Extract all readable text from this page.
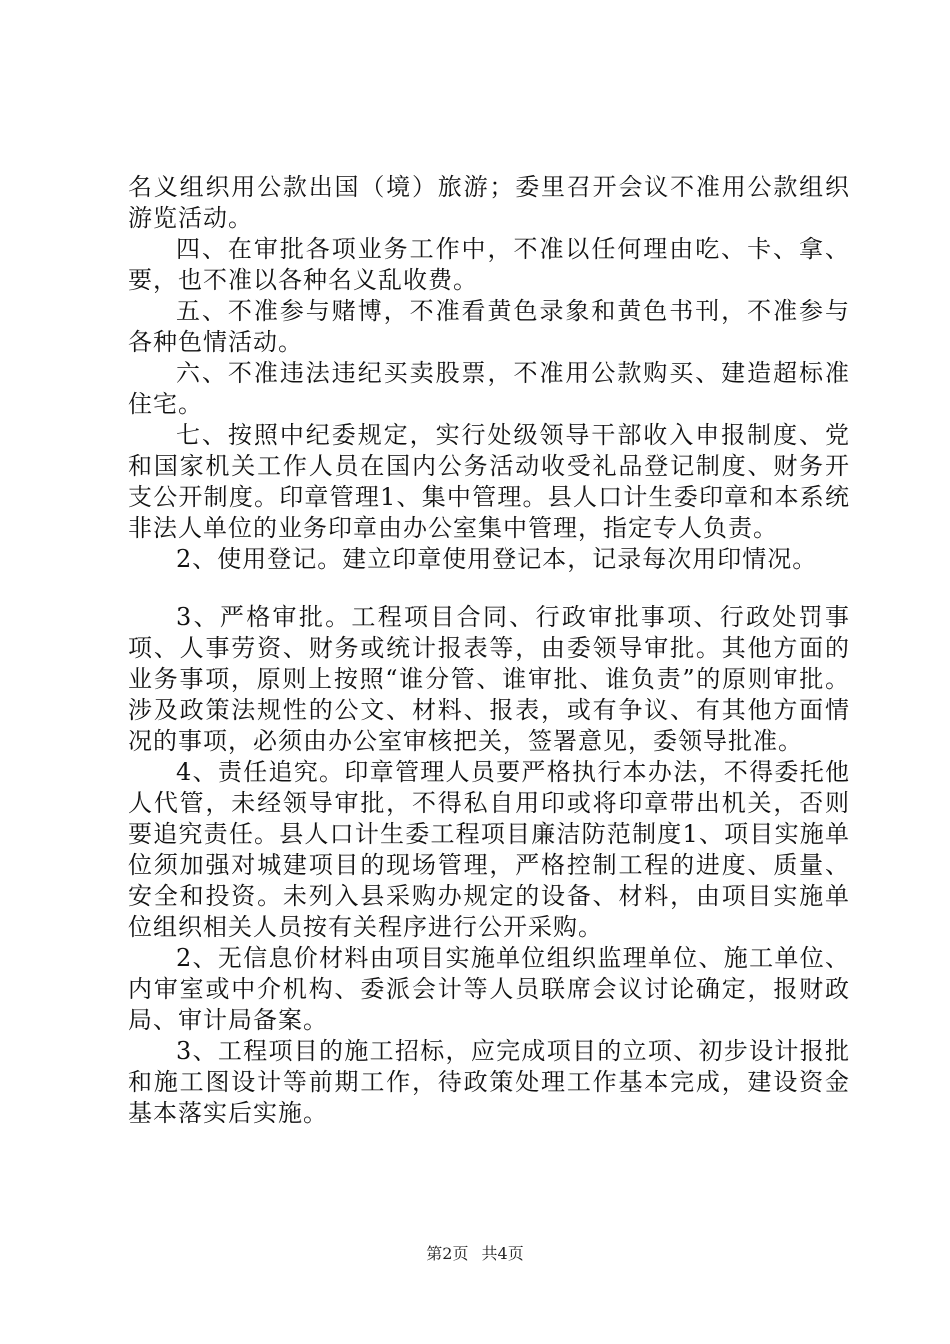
名义组织用公款出国（境）旅游；委里召开会议不准用公款组织游览活动。

四、在审批各项业务工作中，不准以任何理由吃、卡、拿、要，也不准以各种名义乱收费。

五、不准参与赌博，不准看黄色录象和黄色书刊，不准参与各种色情活动。

六、不准违法违纪买卖股票，不准用公款购买、建造超标准住宅。

七、按照中纪委规定，实行处级领导干部收入申报制度、党和国家机关工作人员在国内公务活动收受礼品登记制度、财务开支公开制度。印章管理1、集中管理。县人口计生委印章和本系统非法人单位的业务印章由办公室集中管理，指定专人负责。

2、使用登记。建立印章使用登记本，记录每次用印情况。

3、严格审批。工程项目合同、行政审批事项、行政处罚事项、人事劳资、财务或统计报表等，由委领导审批。其他方面的业务事项，原则上按照“谁分管、谁审批、谁负责”的原则审批。涉及政策法规性的公文、材料、报表，或有争议、有其他方面情况的事项，必须由办公室审核把关，签署意见，委领导批准。

4、责任追究。印章管理人员要严格执行本办法，不得委托他人代管，未经领导审批，不得私自用印或将印章带出机关，否则要追究责任。县人口计生委工程项目廉洁防范制度1、项目实施单位须加强对城建项目的现场管理，严格控制工程的进度、质量、安全和投资。未列入县采购办规定的设备、材料，由项目实施单位组织相关人员按有关程序进行公开采购。

2、无信息价材料由项目实施单位组织监理单位、施工单位、内审室或中介机构、委派会计等人员联席会议讨论确定，报财政局、审计局备案。

3、工程项目的施工招标，应完成项目的立项、初步设计报批和施工图设计等前期工作，待政策处理工作基本完成，建设资金基本落实后实施。

第2页 共4页
